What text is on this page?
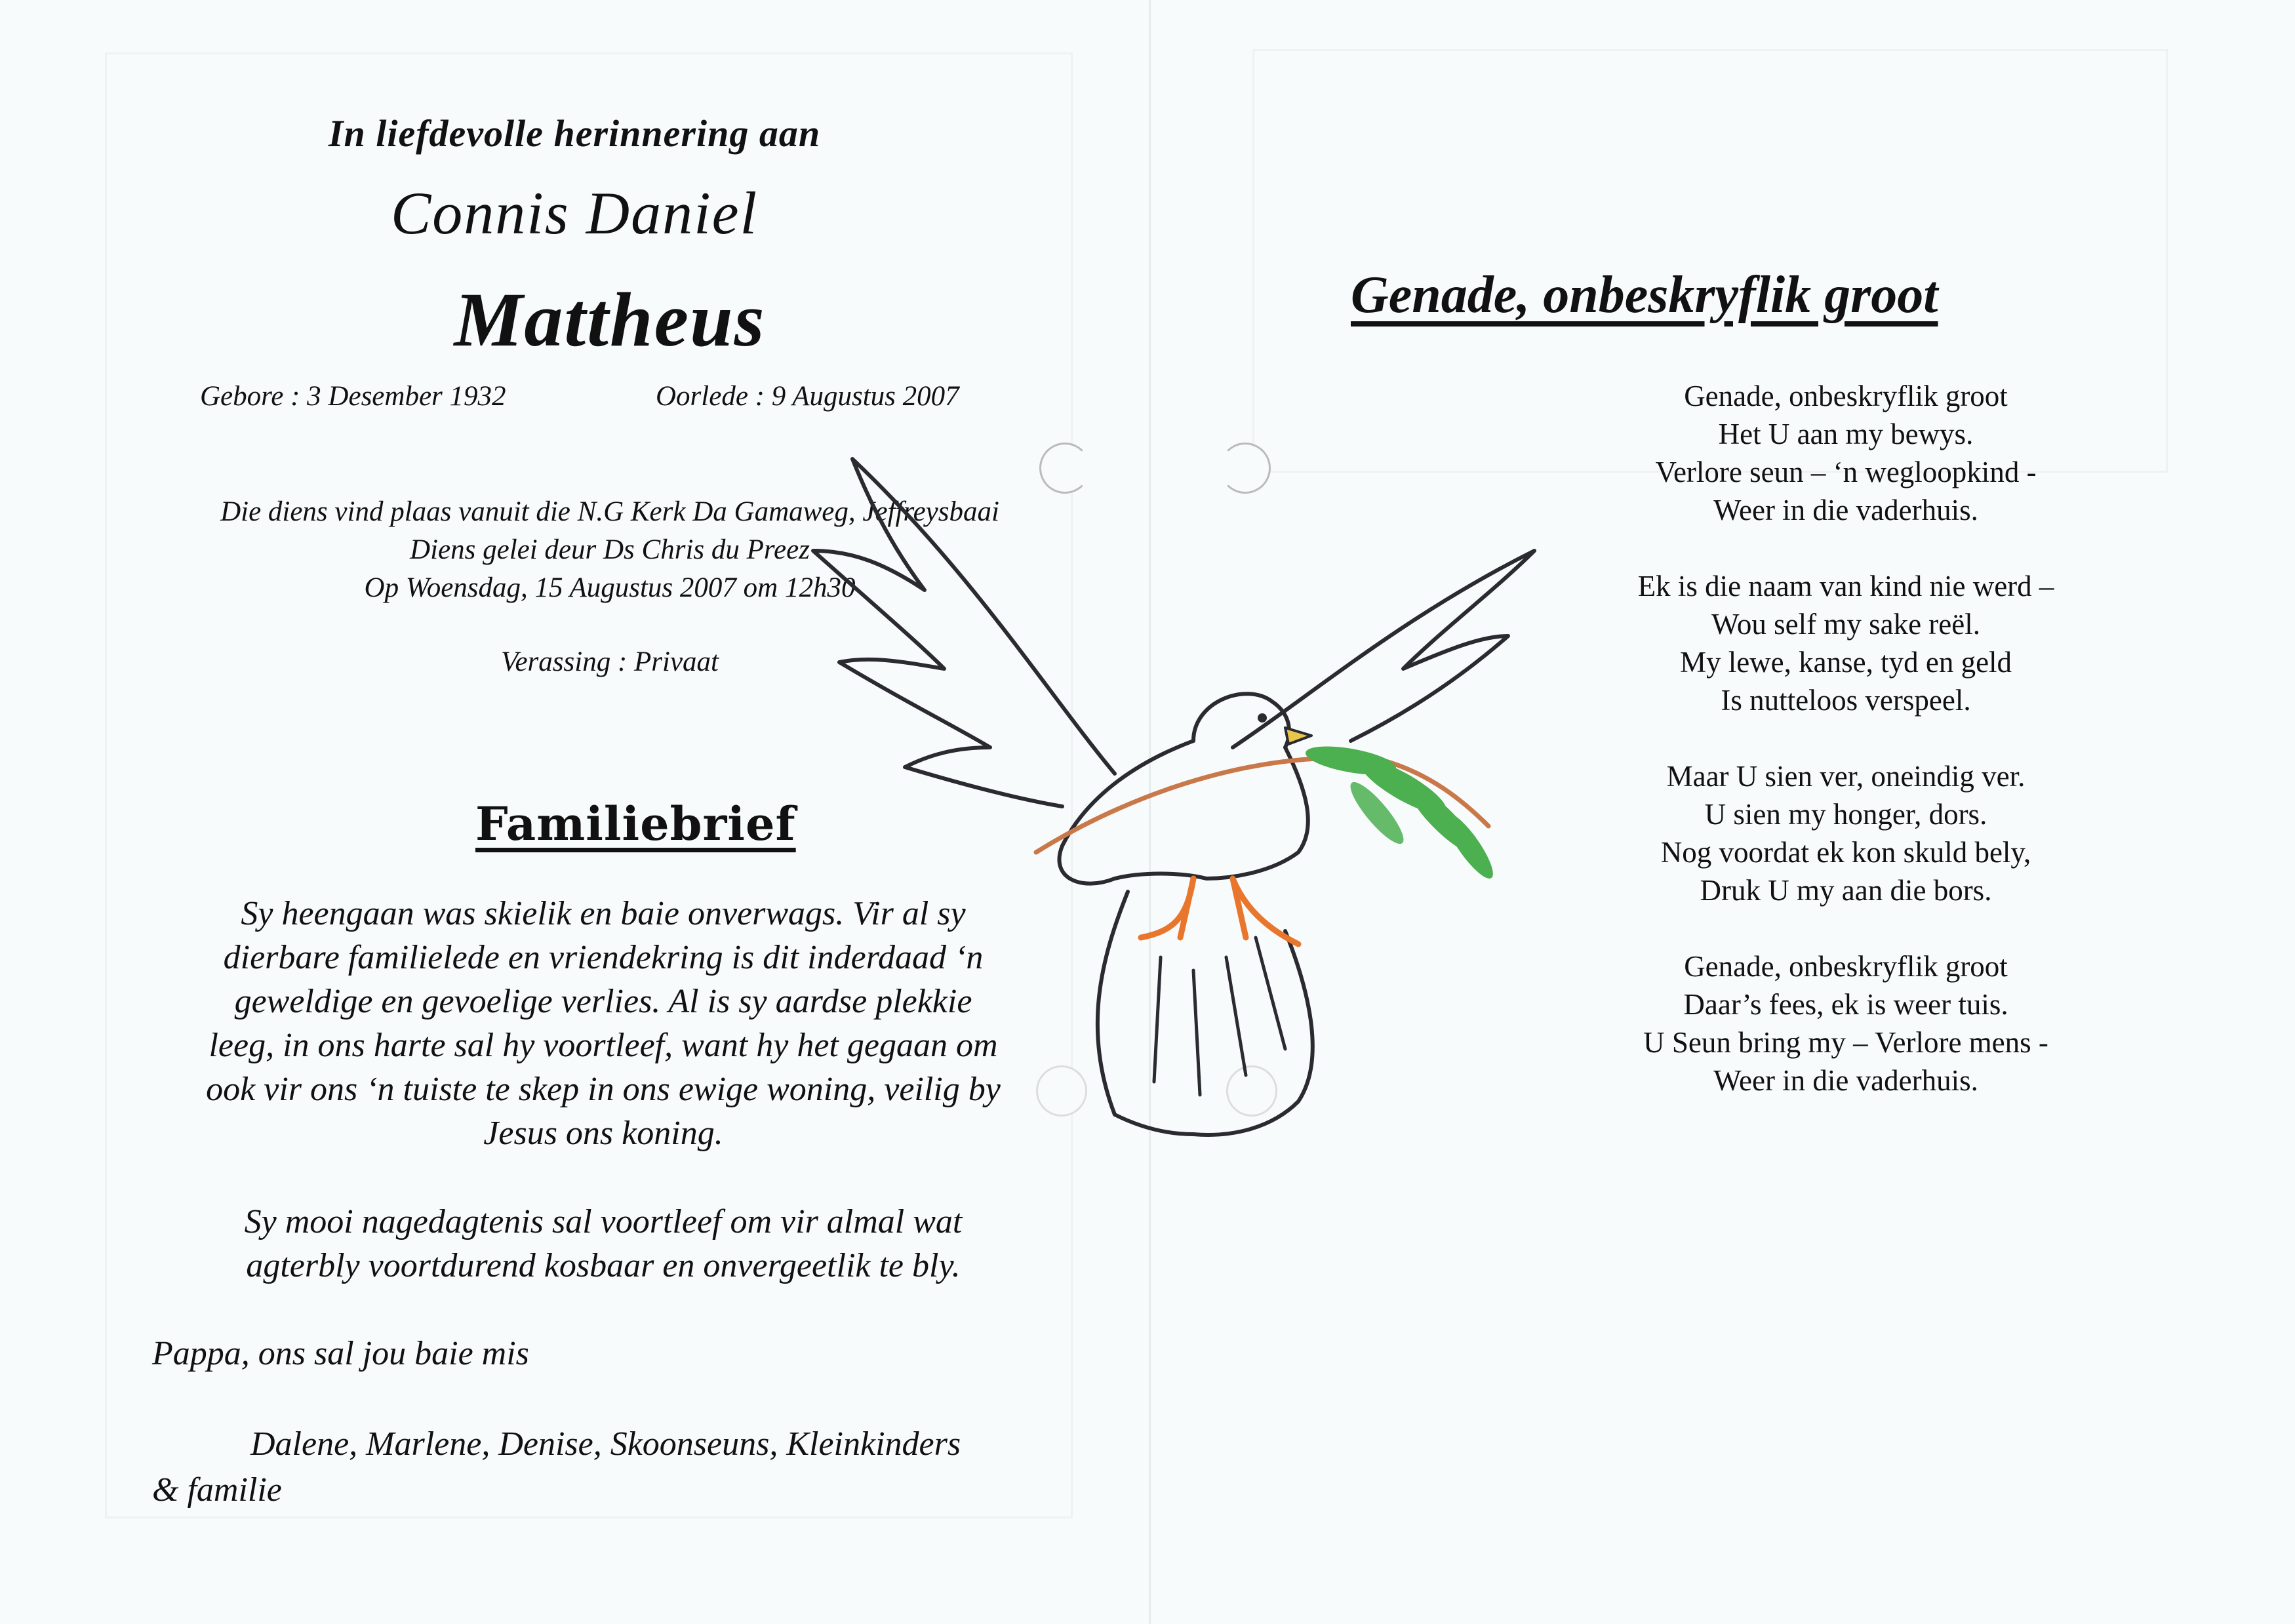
In liefdevolle herinnering aan
Connis Daniel
Mattheus
Gebore : 3 Desember 1932	Oorlede : 9 Augustus 2007
Die diens vind plaas vanuit die N.G Kerk Da Gamaweg, Jeffreysbaai
Diens gelei deur Ds Chris du Preez
Op Woensdag, 15 Augustus 2007 om 12h30
Verassing : Privaat
Familiebrief
Sy heengaan was skielik en baie onverwags. Vir al sy
dierbare familielede en vriendekring is dit inderdaad ‘n
geweldige en gevoelige verlies. Al is sy aardse plekkie
leeg, in ons harte sal hy voortleef, want hy het gegaan om
ook vir ons ‘n tuiste te skep in ons ewige woning, veilig by
Jesus ons koning.
Sy mooi nagedagtenis sal voortleef om vir almal wat
agterbly voortdurend kosbaar en onvergeetlik te bly.
Pappa, ons sal jou baie mis
Dalene, Marlene, Denise, Skoonseuns, Kleinkinders
& familie
Genade, onbeskryflik groot
Genade, onbeskryflik groot
Het U aan my bewys.
Verlore seun – ‘n wegloopkind -
Weer in die vaderhuis.
Ek is die naam van kind nie werd –
Wou self my sake reël.
My lewe, kanse, tyd en geld
Is nutteloos verspeel.
Maar U sien ver, oneindig ver.
U sien my honger, dors.
Nog voordat ek kon skuld bely,
Druk U my aan die bors.
Genade, onbeskryflik groot
Daar’s fees, ek is weer tuis.
U Seun bring my – Verlore mens -
Weer in die vaderhuis.
